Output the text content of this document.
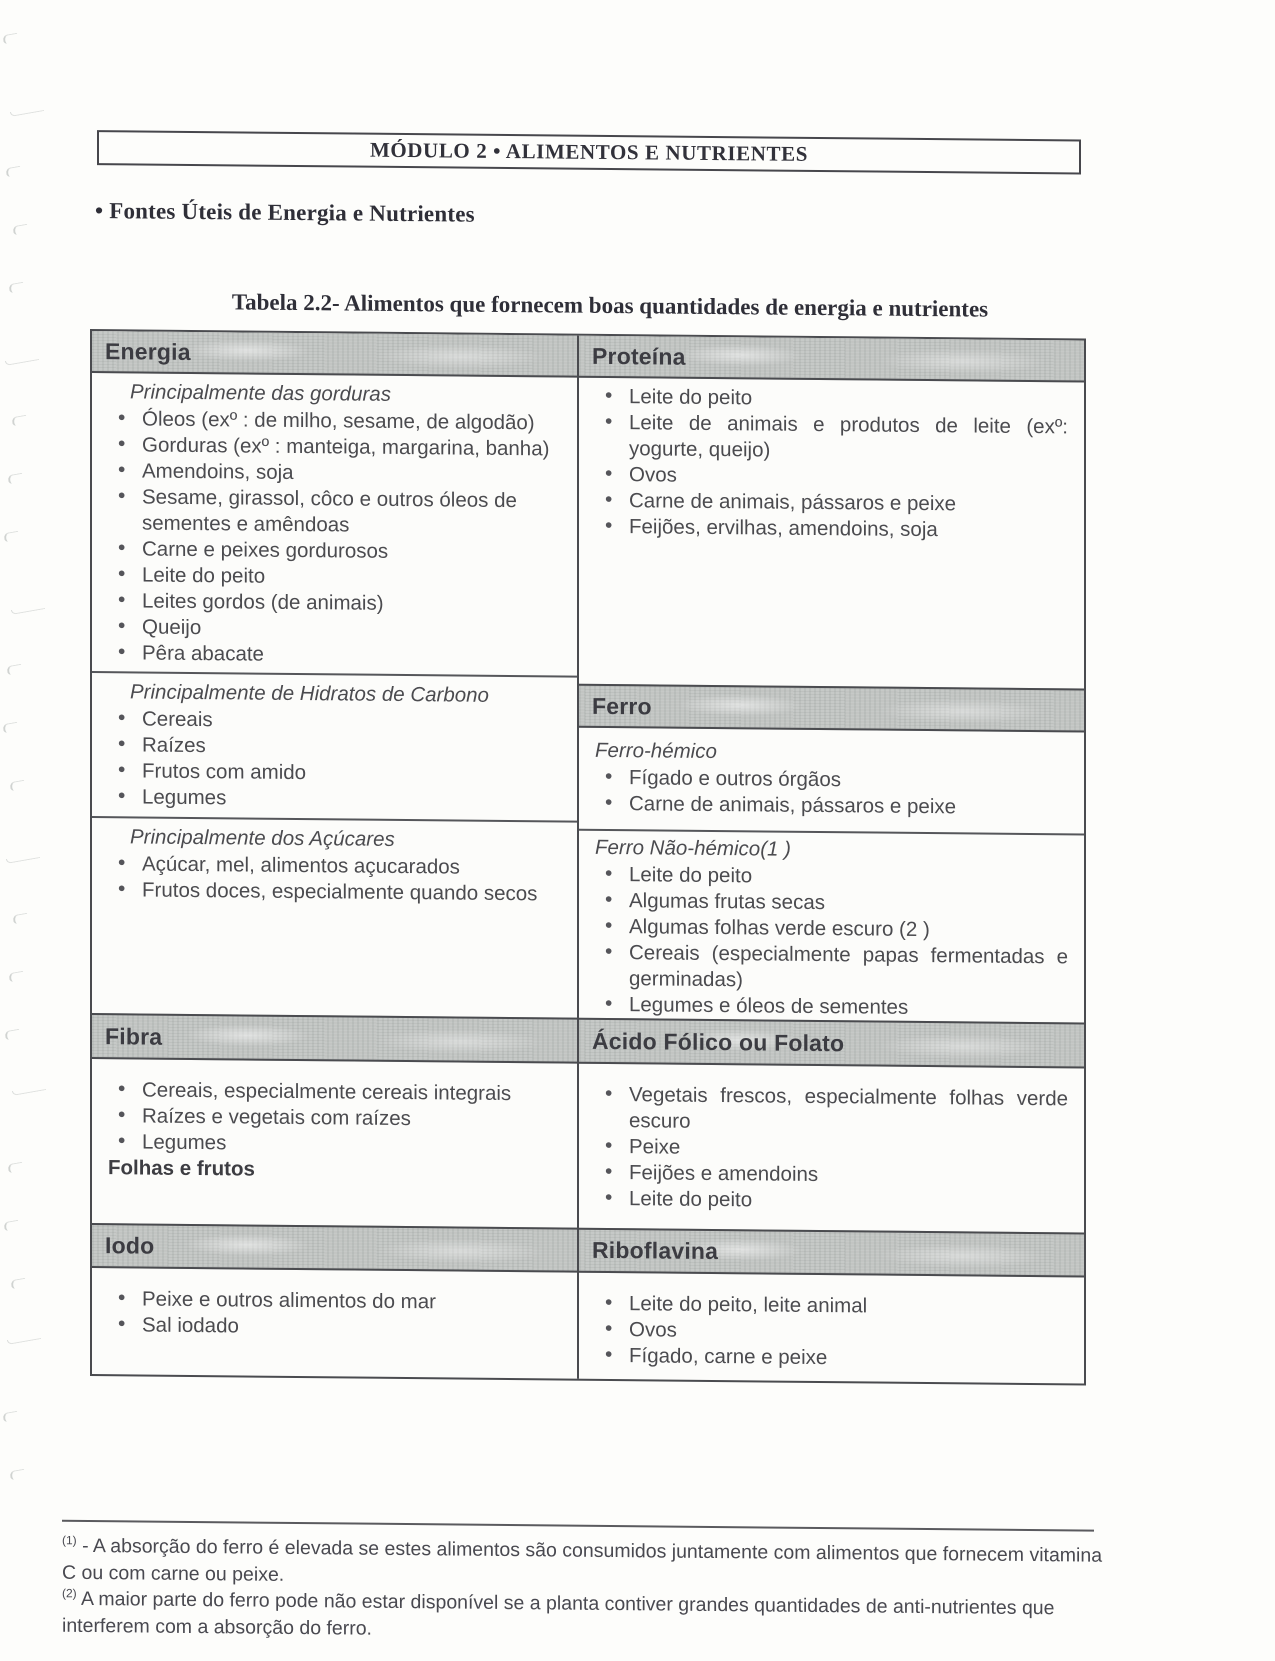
MÓDULO 2 • ALIMENTOS E NUTRIENTES
• Fontes Úteis de Energia e Nutrientes
Tabela 2.2- Alimentos que fornecem boas quantidades de energia e nutrientes
Energia
Principalmente das gorduras
• Óleos (exº : de milho, sesame, de algodão)
• Gorduras (exº : manteiga, margarina, banha)
• Amendoins, soja
• Sesame, girassol, côco e outros óleos de sementes e amêndoas
• Carne e peixes gordurosos
• Leite do peito
• Leites gordos (de animais)
• Queijo
• Pêra abacate
Principalmente de Hidratos de Carbono
• Cereais
• Raízes
• Frutos com amido
• Legumes
Principalmente dos Açúcares
• Açúcar, mel, alimentos açucarados
• Frutos doces, especialmente quando secos
Fibra
• Cereais, especialmente cereais integrais
• Raízes e vegetais com raízes
• Legumes
Folhas e frutos
Iodo
• Peixe e outros alimentos do mar
• Sal iodado
Proteína
• Leite do peito
• Leite de animais e produtos de leite (exº: yogurte, queijo)
• Ovos
• Carne de animais, pássaros e peixe
• Feijões, ervilhas, amendoins, soja
Ferro
Ferro-hémico
• Fígado e outros órgãos
• Carne de animais, pássaros e peixe
Ferro Não-hémico(1 )
• Leite do peito
• Algumas frutas secas
• Algumas folhas verde escuro (2 )
• Cereais (especialmente papas fermentadas e germinadas)
• Legumes e óleos de sementes
Ácido Fólico ou Folato
• Vegetais frescos, especialmente folhas verde escuro
• Peixe
• Feijões e amendoins
• Leite do peito
Riboflavina
• Leite do peito, leite animal
• Ovos
• Fígado, carne e peixe

$^{(1)}$ - A absorção do ferro é elevada se estes alimentos são consumidos juntamente com alimentos que fornecem vitamina C ou com carne ou peixe.

$^{(2)}$ A maior parte do ferro pode não estar disponível se a planta contiver grandes quantidades de anti-nutrientes que interferem com a absorção do ferro.
